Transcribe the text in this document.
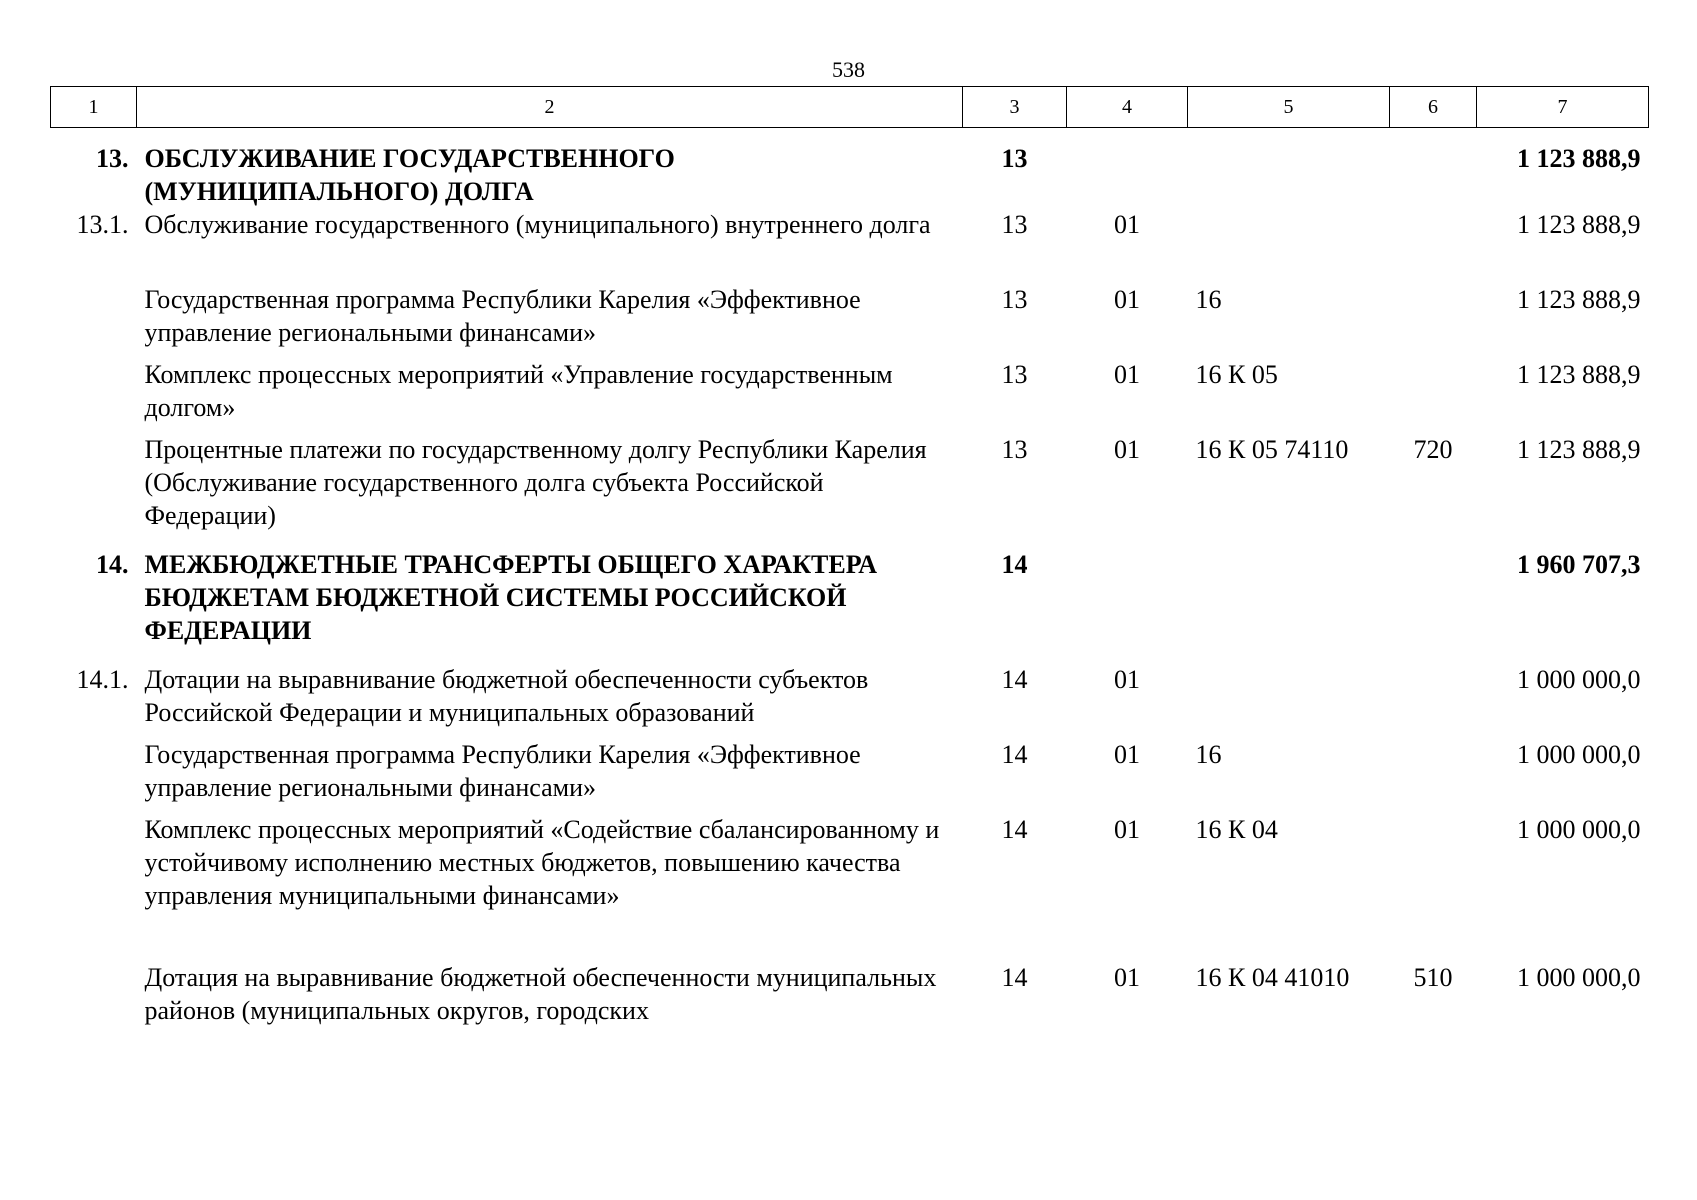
538
1	2	3	4	5	6	7
13.	ОБСЛУЖИВАНИЕ ГОСУДАРСТВЕННОГО (МУНИЦИПАЛЬНОГО) ДОЛГА	13				1 123 888,9
13.1.	Обслуживание государственного (муниципального) внутреннего долга	13	01			1 123 888,9
	Государственная программа Республики Карелия «Эффективное управление региональными финансами»	13	01	16		1 123 888,9
	Комплекс процессных мероприятий «Управление государственным долгом»	13	01	16 К 05		1 123 888,9
	Процентные платежи по государственному долгу Республики Карелия (Обслуживание государственного долга субъекта Российской Федерации)	13	01	16 К 05 74110	720	1 123 888,9
14.	МЕЖБЮДЖЕТНЫЕ ТРАНСФЕРТЫ ОБЩЕГО ХАРАКТЕРА БЮДЖЕТАМ БЮДЖЕТНОЙ СИСТЕМЫ РОССИЙСКОЙ ФЕДЕРАЦИИ	14				1 960 707,3
14.1.	Дотации на выравнивание бюджетной обеспеченности субъектов Российской Федерации и муниципальных образований	14	01			1 000 000,0
	Государственная программа Республики Карелия «Эффективное управление региональными финансами»	14	01	16		1 000 000,0
	Комплекс процессных мероприятий «Содействие сбалансированному и устойчивому исполнению местных бюджетов, повышению качества управления муниципальными финансами»	14	01	16 К 04		1 000 000,0
	Дотация на выравнивание бюджетной обеспеченности муниципальных районов (муниципальных округов, городских	14	01	16 К 04 41010	510	1 000 000,0
